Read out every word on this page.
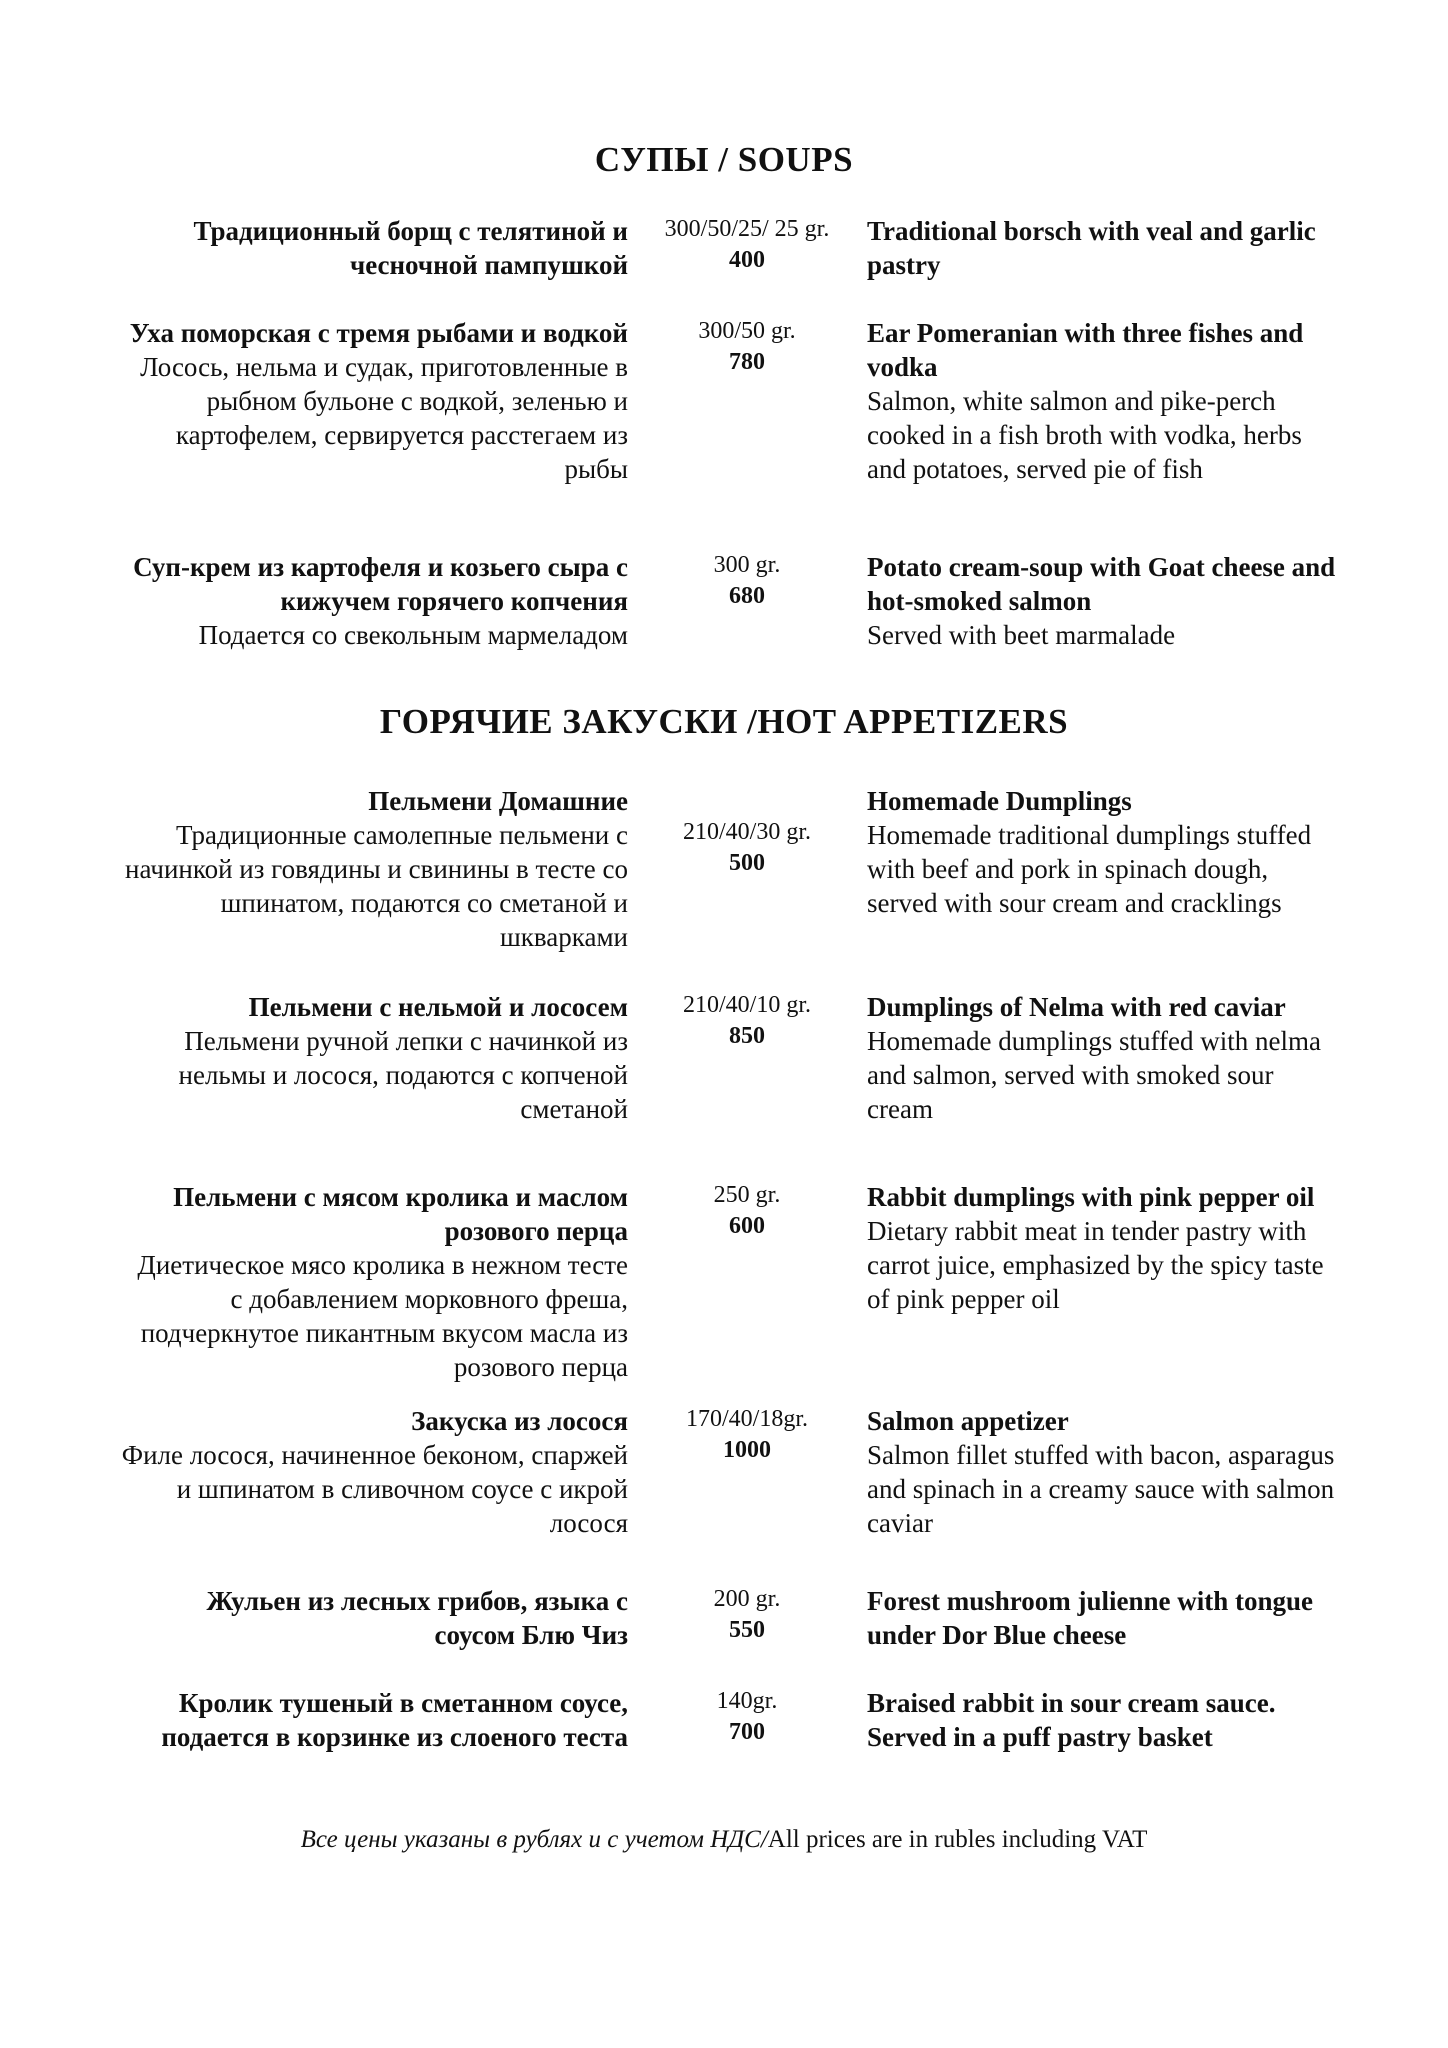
СУПЫ / SOUPS
Традиционный борщ с телятиной и чесночной пампушкой
300/50/25/ 25 gr.
400
Traditional borsch with veal and garlic pastry
Уха поморская с тремя рыбами и водкой
Лосось, нельма и судак, приготовленные в рыбном бульоне с водкой, зеленью и картофелем, сервируется расстегаем из рыбы
300/50 gr.
780
Ear Pomeranian with three fishes and vodka
Salmon, white salmon and pike-perch cooked in a fish broth with vodka, herbs and potatoes, served pie of fish
Суп-крем из картофеля и козьего сыра с кижучем горячего копчения
Подается со свекольным мармеладом
300 gr.
680
Potato cream-soup with Goat cheese and hot-smoked salmon
Served with beet marmalade
ГОРЯЧИЕ ЗАКУСКИ /HOT APPETIZERS
Пельмени Домашние
Традиционные самолепные пельмени с начинкой из говядины и свинины в тесте со шпинатом, подаются со сметаной и шкварками
210/40/30 gr.
500
Homemade Dumplings
Homemade traditional dumplings stuffed with beef and pork in spinach dough, served with sour cream and cracklings
Пельмени с нельмой и лососем
Пельмени ручной лепки с начинкой из нельмы и лосося, подаются с копченой сметаной
210/40/10 gr.
850
Dumplings of Nelma with red caviar
Homemade dumplings stuffed with nelma and salmon, served with smoked sour cream
Пельмени с мясом кролика и маслом розового перца
Диетическое мясо кролика в нежном тесте с добавлением морковного фреша, подчеркнутое пикантным вкусом масла из розового перца
250 gr.
600
Rabbit dumplings with pink pepper oil
Dietary rabbit meat in tender pastry with carrot juice, emphasized by the spicy taste of pink pepper oil
Закуска из лосося
Филе лосося, начиненное беконом, спаржей и шпинатом в сливочном соусе с икрой лосося
170/40/18gr.
1000
Salmon appetizer
Salmon fillet stuffed with bacon, asparagus and spinach in a creamy sauce with salmon caviar
Жульен из лесных грибов, языка с соусом Блю Чиз
200 gr.
550
Forest mushroom julienne with tongue under Dor Blue cheese
Кролик тушеный в сметанном соусе, подается в корзинке из слоеного теста
140gr.
700
Braised rabbit in sour cream sauce. Served in a puff pastry basket
Все цены указаны в рублях и с учетом НДС/All prices are in rubles including VAT
